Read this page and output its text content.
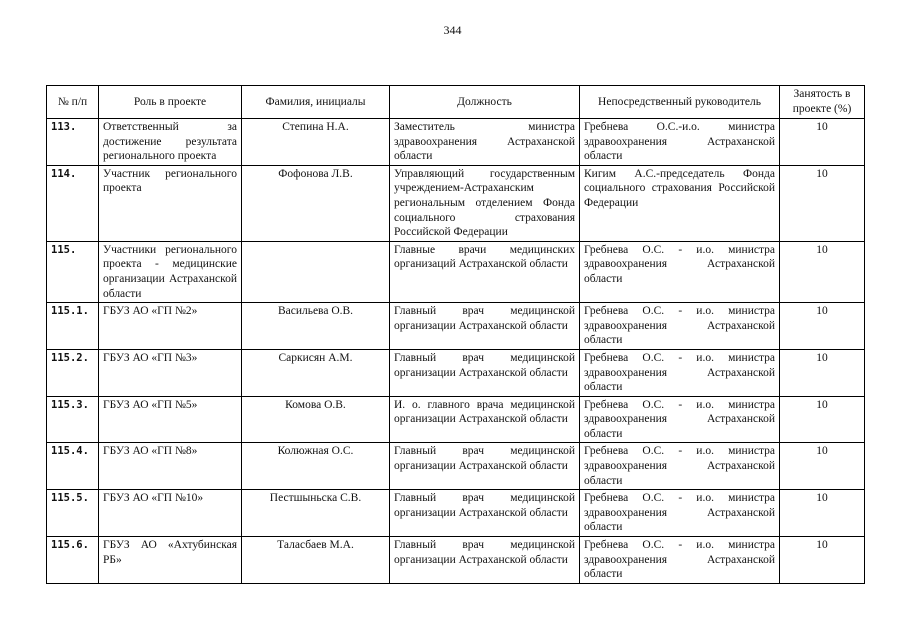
344
№ п/п	Роль в проекте	Фамилия, инициалы	Должность	Непосредственный руководитель	Занятость в проекте (%)
113.	Ответственный за достижение результата регионального проекта	Степина Н.А.	Заместитель министра здравоохранения Астраханской области	Гребнева О.С.-и.о. министра здравоохранения Астраханской области	10
114.	Участник регионального проекта	Фофонова Л.В.	Управляющий государственным учреждением-Астраханским региональным отделением Фонда социального страхования Российской Федерации	Кигим А.С.-председатель Фонда социального страхования Российской Федерации	10
115.	Участники регионального проекта - медицинские организации Астраханской области		Главные врачи медицинских организаций Астраханской области	Гребнева О.С. - и.о. министра здравоохранения Астраханской области	10
115.1.	ГБУЗ АО «ГП №2»	Васильева О.В.	Главный врач медицинской организации Астраханской области	Гребнева О.С. - и.о. министра здравоохранения Астраханской области	10
115.2.	ГБУЗ АО «ГП №3»	Саркисян А.М.	Главный врач медицинской организации Астраханской области	Гребнева О.С. - и.о. министра здравоохранения Астраханской области	10
115.3.	ГБУЗ АО «ГП №5»	Комова О.В.	И. о. главного врача медицинской организации Астраханской области	Гребнева О.С. - и.о. министра здравоохранения Астраханской области	10
115.4.	ГБУЗ АО «ГП №8»	Колюжная О.С.	Главный врач медицинской организации Астраханской области	Гребнева О.С. - и.о. министра здравоохранения Астраханской области	10
115.5.	ГБУЗ АО «ГП №10»	Пестшыньска С.В.	Главный врач медицинской организации Астраханской области	Гребнева О.С. - и.о. министра здравоохранения Астраханской области	10
115.6.	ГБУЗ АО «Ахтубинская РБ»	Таласбаев М.А.	Главный врач медицинской организации Астраханской области	Гребнева О.С. - и.о. министра здравоохранения Астраханской области	10
